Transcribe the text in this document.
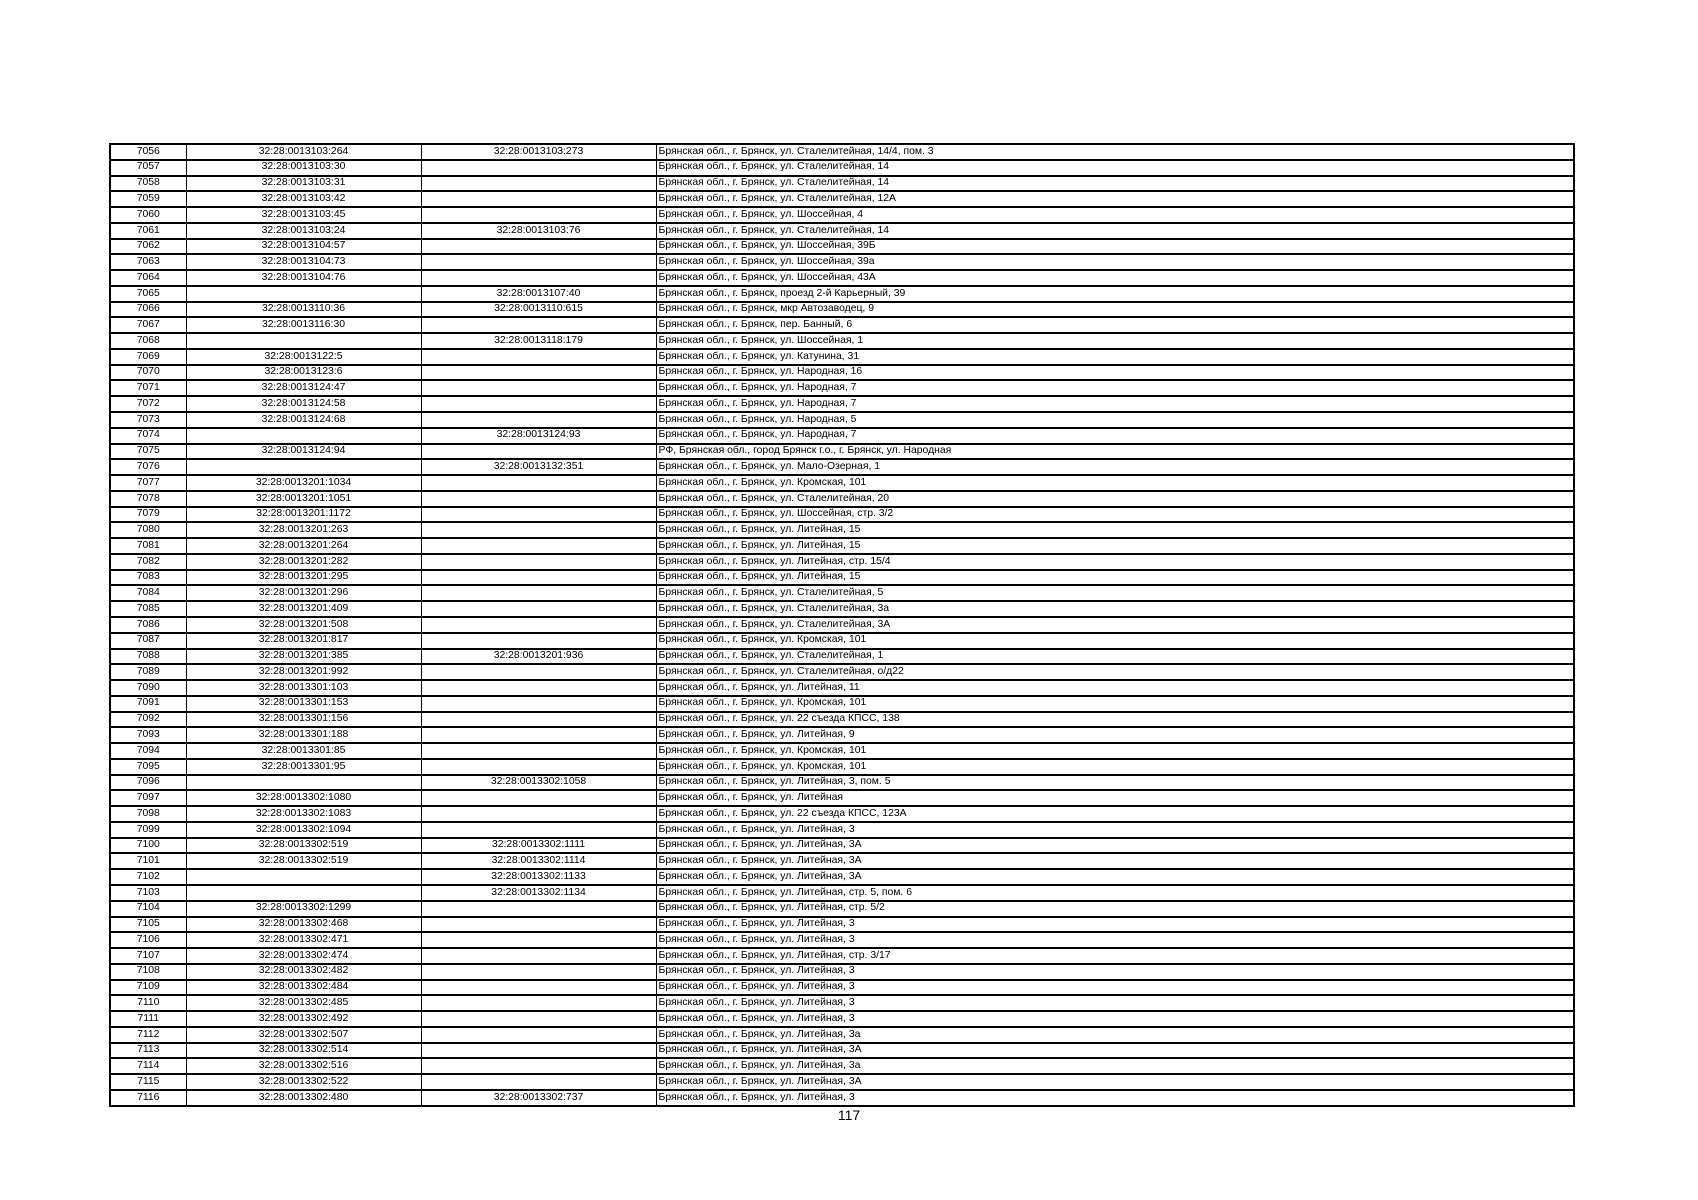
7056	32:28:0013103:264	32:28:0013103:273	Брянская обл., г. Брянск, ул. Сталелитейная, 14/4, пом. 3
7057	32:28:0013103:30		Брянская обл., г. Брянск, ул. Сталелитейная, 14
7058	32:28:0013103:31		Брянская обл., г. Брянск, ул. Сталелитейная, 14
7059	32:28:0013103:42		Брянская обл., г. Брянск, ул. Сталелитейная, 12А
7060	32:28:0013103:45		Брянская обл., г. Брянск, ул. Шоссейная, 4
7061	32:28:0013103:24	32:28:0013103:76	Брянская обл., г. Брянск, ул. Сталелитейная, 14
7062	32:28:0013104:57		Брянская обл., г. Брянск, ул. Шоссейная, 39Б
7063	32:28:0013104:73		Брянская обл., г. Брянск, ул. Шоссейная, 39а
7064	32:28:0013104:76		Брянская обл., г. Брянск, ул. Шоссейная, 43А
7065		32:28:0013107:40	Брянская обл., г. Брянск, проезд 2-й Карьерный, 39
7066	32:28:0013110:36	32:28:0013110:615	Брянская обл., г. Брянск, мкр Автозаводец, 9
7067	32:28:0013116:30		Брянская обл., г. Брянск, пер. Банный, 6
7068		32:28:0013118:179	Брянская обл., г. Брянск, ул. Шоссейная, 1
7069	32:28:0013122:5		Брянская обл., г. Брянск, ул. Катунина, 31
7070	32:28:0013123:6		Брянская обл., г. Брянск, ул. Народная, 16
7071	32:28:0013124:47		Брянская обл., г. Брянск, ул. Народная, 7
7072	32:28:0013124:58		Брянская обл., г. Брянск, ул. Народная, 7
7073	32:28:0013124:68		Брянская обл., г. Брянск, ул. Народная, 5
7074		32:28:0013124:93	Брянская обл., г. Брянск, ул. Народная, 7
7075	32:28:0013124:94		РФ, Брянская обл., город Брянск г.о., г. Брянск, ул. Народная
7076		32:28:0013132:351	Брянская обл., г. Брянск, ул. Мало-Озерная, 1
7077	32:28:0013201:1034		Брянская обл., г. Брянск, ул. Кромская, 101
7078	32:28:0013201:1051		Брянская обл., г. Брянск, ул. Сталелитейная, 20
7079	32:28:0013201:1172		Брянская обл., г. Брянск, ул. Шоссейная, стр. 3/2
7080	32:28:0013201:263		Брянская обл., г. Брянск, ул. Литейная, 15
7081	32:28:0013201:264		Брянская обл., г. Брянск, ул. Литейная, 15
7082	32:28:0013201:282		Брянская обл., г. Брянск, ул. Литейная, стр. 15/4
7083	32:28:0013201:295		Брянская обл., г. Брянск, ул. Литейная, 15
7084	32:28:0013201:296		Брянская обл., г. Брянск, ул. Сталелитейная, 5
7085	32:28:0013201:409		Брянская обл., г. Брянск, ул. Сталелитейная, 3а
7086	32:28:0013201:508		Брянская обл., г. Брянск, ул. Сталелитейная, 3А
7087	32:28:0013201:817		Брянская обл., г. Брянск, ул. Кромская, 101
7088	32:28:0013201:385	32:28:0013201:936	Брянская обл., г. Брянск, ул. Сталелитейная, 1
7089	32:28:0013201:992		Брянская обл., г. Брянск, ул. Сталелитейная, о/д22
7090	32:28:0013301:103		Брянская обл., г. Брянск, ул. Литейная, 11
7091	32:28:0013301:153		Брянская обл., г. Брянск, ул. Кромская, 101
7092	32:28:0013301:156		Брянская обл., г. Брянск, ул. 22 съезда КПСС, 138
7093	32:28:0013301:188		Брянская обл., г. Брянск, ул. Литейная, 9
7094	32:28:0013301:85		Брянская обл., г. Брянск, ул. Кромская, 101
7095	32:28:0013301:95		Брянская обл., г. Брянск, ул. Кромская, 101
7096		32:28:0013302:1058	Брянская обл., г. Брянск, ул. Литейная, 3, пом. 5
7097	32:28:0013302:1080		Брянская обл., г. Брянск, ул. Литейная
7098	32:28:0013302:1083		Брянская обл., г. Брянск, ул. 22 съезда КПСС, 123А
7099	32:28:0013302:1094		Брянская обл., г. Брянск, ул. Литейная, 3
7100	32:28:0013302:519	32:28:0013302:1111	Брянская обл., г. Брянск, ул. Литейная, 3А
7101	32:28:0013302:519	32:28:0013302:1114	Брянская обл., г. Брянск, ул. Литейная, 3А
7102		32:28:0013302:1133	Брянская обл., г. Брянск, ул. Литейная, 3А
7103		32:28:0013302:1134	Брянская обл., г. Брянск, ул. Литейная, стр. 5, пом. 6
7104	32:28:0013302:1299		Брянская обл., г. Брянск, ул. Литейная, стр. 5/2
7105	32:28:0013302:468		Брянская обл., г. Брянск, ул. Литейная, 3
7106	32:28:0013302:471		Брянская обл., г. Брянск, ул. Литейная, 3
7107	32:28:0013302:474		Брянская обл., г. Брянск, ул. Литейная, стр. 3/17
7108	32:28:0013302:482		Брянская обл., г. Брянск, ул. Литейная, 3
7109	32:28:0013302:484		Брянская обл., г. Брянск, ул. Литейная, 3
7110	32:28:0013302:485		Брянская обл., г. Брянск, ул. Литейная, 3
7111	32:28:0013302:492		Брянская обл., г. Брянск, ул. Литейная, 3
7112	32:28:0013302:507		Брянская обл., г. Брянск, ул. Литейная, 3а
7113	32:28:0013302:514		Брянская обл., г. Брянск, ул. Литейная, 3А
7114	32:28:0013302:516		Брянская обл., г. Брянск, ул. Литейная, 3а
7115	32:28:0013302:522		Брянская обл., г. Брянск, ул. Литейная, 3А
7116	32:28:0013302:480	32:28:0013302:737	Брянская обл., г. Брянск, ул. Литейная, 3
117
